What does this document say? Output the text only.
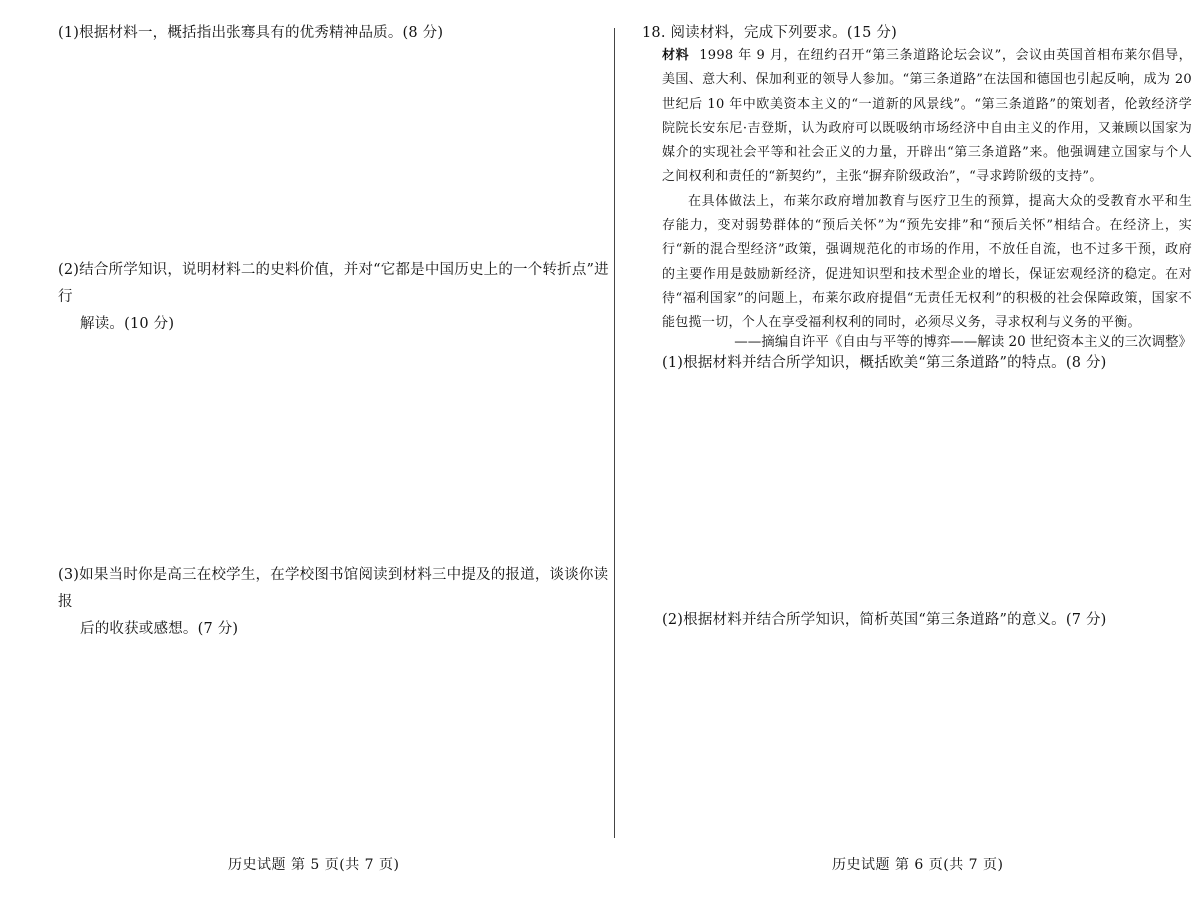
(1)根据材料一，概括指出张骞具有的优秀精神品质。(8 分)
(2)结合所学知识，说明材料二的史料价值，并对“它都是中国历史上的一个转折点”进行
解读。(10 分)
(3)如果当时你是高三在校学生，在学校图书馆阅读到材料三中提及的报道，谈谈你读报
后的收获或感想。(7 分)
历史试题 第 5 页(共 7 页)
18. 阅读材料，完成下列要求。(15 分)

材料 1998 年 9 月，在纽约召开“第三条道路论坛会议”，会议由英国首相布莱尔倡导，美国、意大利、保加利亚的领导人参加。“第三条道路”在法国和德国也引起反响，成为 20 世纪后 10 年中欧美资本主义的“一道新的风景线”。“第三条道路”的策划者，伦敦经济学院院长安东尼·吉登斯，认为政府可以既吸纳市场经济中自由主义的作用，又兼顾以国家为媒介的实现社会平等和社会正义的力量，开辟出“第三条道路”来。他强调建立国家与个人之间权利和责任的“新契约”，主张“摒弃阶级政治”，“寻求跨阶级的支持”。

在具体做法上，布莱尔政府增加教育与医疗卫生的预算，提高大众的受教育水平和生存能力，变对弱势群体的“预后关怀”为“预先安排”和“预后关怀”相结合。在经济上，实行“新的混合型经济”政策，强调规范化的市场的作用，不放任自流，也不过多干预，政府的主要作用是鼓励新经济，促进知识型和技术型企业的增长，保证宏观经济的稳定。在对待“福利国家”的问题上，布莱尔政府提倡“无责任无权利”的积极的社会保障政策，国家不能包揽一切，个人在享受福利权利的同时，必须尽义务，寻求权利与义务的平衡。

——摘编自许平《自由与平等的博弈——解读 20 世纪资本主义的三次调整》
(1)根据材料并结合所学知识，概括欧美“第三条道路”的特点。(8 分)
(2)根据材料并结合所学知识，简析英国“第三条道路”的意义。(7 分)
历史试题 第 6 页(共 7 页)
